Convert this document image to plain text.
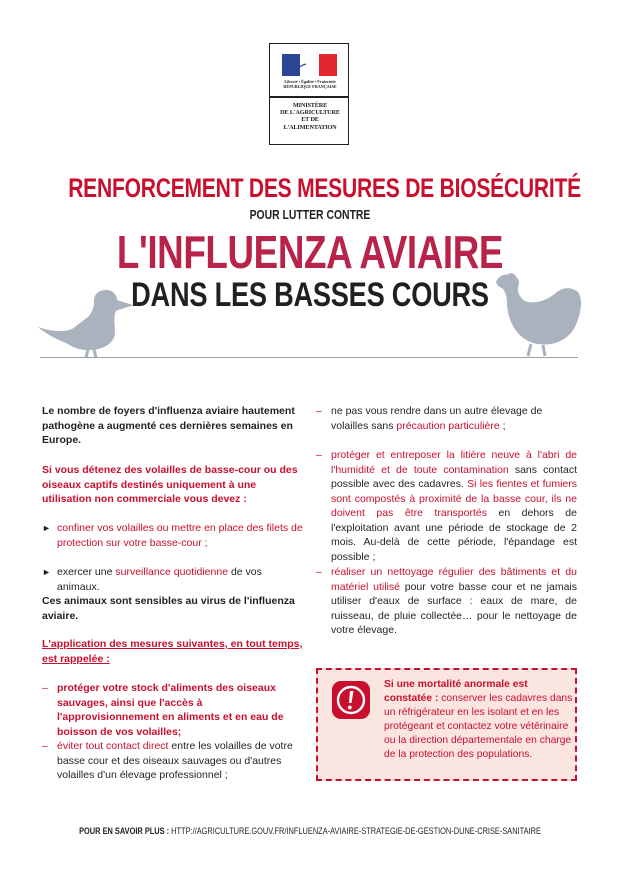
Liberté • Égalité • Fraternité
RÉPUBLIQUE FRANÇAISE
MINISTÈRE
DE L'AGRICULTURE
ET DE
L'ALIMENTATION
RENFORCEMENT DES MESURES DE BIOSÉCURITÉ
POUR LUTTER CONTRE
L'INFLUENZA AVIAIRE
DANS LES BASSES COURS

Le nombre de foyers d'influenza aviaire hautement pathogène a augmenté ces dernières semaines en Europe.

Si vous détenez des volailles de basse-cour ou des oiseaux captifs destinés uniquement à une utilisation non commerciale vous devez :

► confiner vos volailles ou mettre en place des filets de protection sur votre basse-cour ;

► exercer une surveillance quotidienne de vos animaux.

Ces animaux sont sensibles au virus de l'influenza aviaire.

L'application des mesures suivantes, en tout temps, est rappelée :

– protéger votre stock d'aliments des oiseaux sauvages, ainsi que l'accès à l'approvisionnement en aliments et en eau de boisson de vos volailles;

– éviter tout contact direct entre les volailles de votre basse cour et des oiseaux sauvages ou d'autres volailles d'un élevage professionnel ;

– ne pas vous rendre dans un autre élevage de volailles sans précaution particulière ;

– protéger et entreposer la litière neuve à l'abri de l'humidité et de toute contamination sans contact possible avec des cadavres. Si les fientes et fumiers sont compostés à proximité de la basse cour, ils ne doivent pas être transportés en dehors de l'exploitation avant une période de stockage de 2 mois. Au-delà de cette période, l'épandage est possible ;

– réaliser un nettoyage régulier des bâtiments et du matériel utilisé pour votre basse cour et ne jamais utiliser d'eaux de surface : eaux de mare, de ruisseau, de pluie collectée… pour le nettoyage de votre élevage.

Si une mortalité anormale est constatée : conserver les cadavres dans un réfrigérateur en les isolant et en les protégeant et contactez votre vétérinaire ou la direction départementale en charge de la protection des populations.
POUR EN SAVOIR PLUS : HTTP://AGRICULTURE.GOUV.FR/INFLUENZA-AVIAIRE-STRATEGIE-DE-GESTION-DUNE-CRISE-SANITAIRE
